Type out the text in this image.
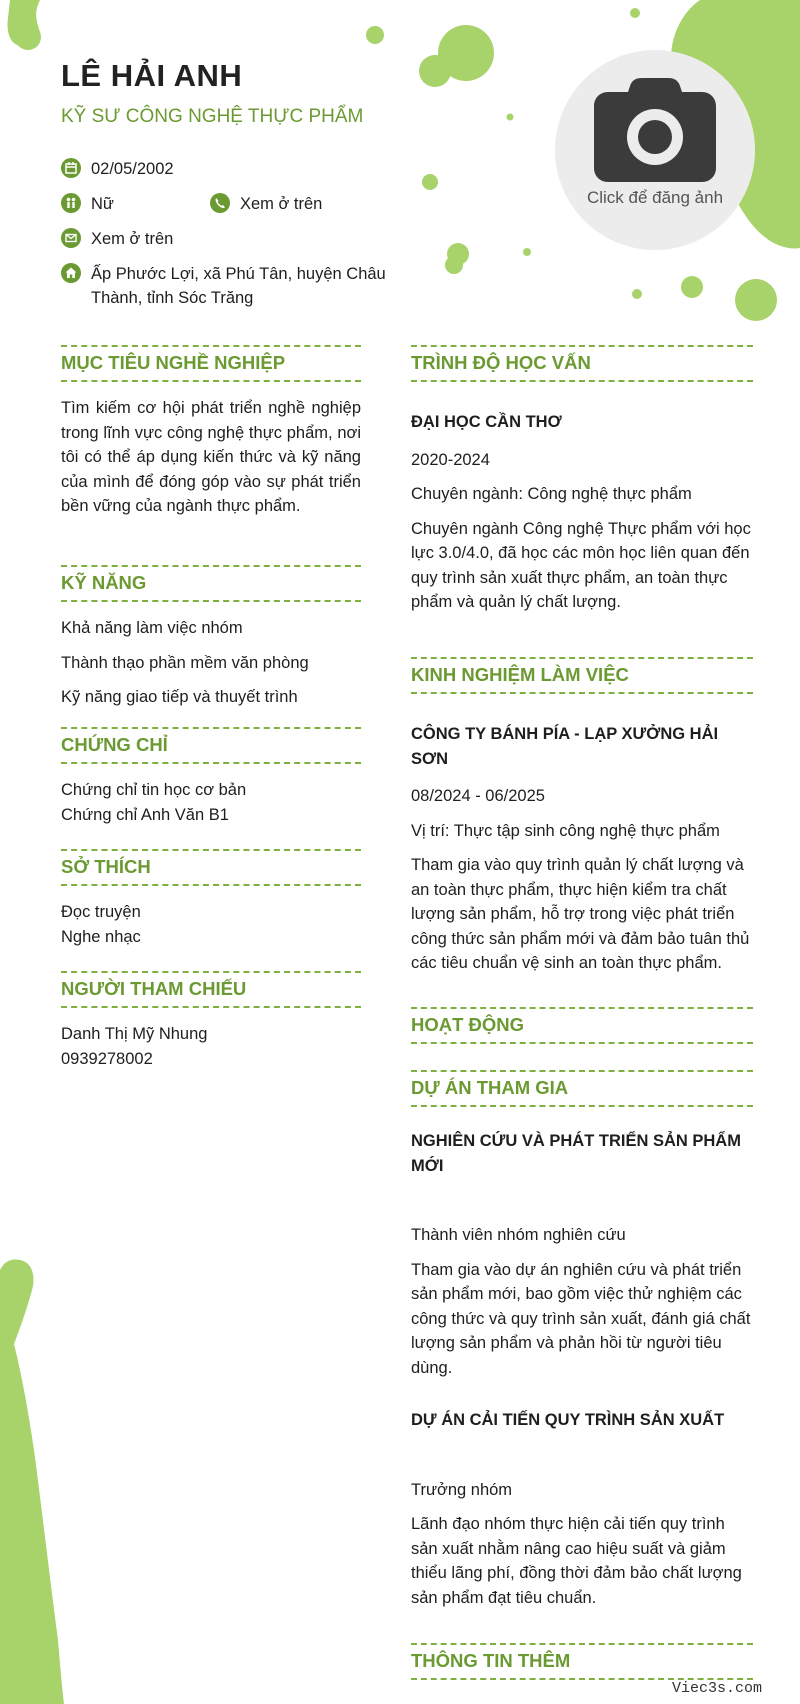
LÊ HẢI ANH
KỸ SƯ CÔNG NGHỆ THỰC PHẨM
02/05/2002
Nữ	Xem ở trên
Xem ở trên
Ấp Phước Lợi, xã Phú Tân, huyện Châu Thành, tỉnh Sóc Trăng
Click để đăng ảnh
MỤC TIÊU NGHỀ NGHIỆP

Tìm kiếm cơ hội phát triển nghề nghiệp trong lĩnh vực công nghệ thực phẩm, nơi tôi có thể áp dụng kiến thức và kỹ năng của mình để đóng góp vào sự phát triển bền vững của ngành thực phẩm.

KỸ NĂNG

Khả năng làm việc nhóm

Thành thạo phần mềm văn phòng

Kỹ năng giao tiếp và thuyết trình

CHỨNG CHỈ

Chứng chỉ tin học cơ bản

Chứng chỉ Anh Văn B1

SỞ THÍCH

Đọc truyện

Nghe nhạc

NGƯỜI THAM CHIẾU

Danh Thị Mỹ Nhung

0939278002

TRÌNH ĐỘ HỌC VẤN

ĐẠI HỌC CẦN THƠ

2020-2024

Chuyên ngành: Công nghệ thực phẩm

Chuyên ngành Công nghệ Thực phẩm với học lực 3.0/4.0, đã học các môn học liên quan đến quy trình sản xuất thực phẩm, an toàn thực phẩm và quản lý chất lượng.

KINH NGHIỆM LÀM VIỆC

CÔNG TY BÁNH PÍA - LẠP XƯỞNG HẢI SƠN

08/2024 - 06/2025

Vị trí: Thực tập sinh công nghệ thực phẩm

Tham gia vào quy trình quản lý chất lượng và an toàn thực phẩm, thực hiện kiểm tra chất lượng sản phẩm, hỗ trợ trong việc phát triển công thức sản phẩm mới và đảm bảo tuân thủ các tiêu chuẩn vệ sinh an toàn thực phẩm.

HOẠT ĐỘNG
DỰ ÁN THAM GIA

NGHIÊN CỨU VÀ PHÁT TRIỂN SẢN PHẨM MỚI

Thành viên nhóm nghiên cứu

Tham gia vào dự án nghiên cứu và phát triển sản phẩm mới, bao gồm việc thử nghiệm các công thức và quy trình sản xuất, đánh giá chất lượng sản phẩm và phản hồi từ người tiêu dùng.

DỰ ÁN CẢI TIẾN QUY TRÌNH SẢN XUẤT

Trưởng nhóm

Lãnh đạo nhóm thực hiện cải tiến quy trình sản xuất nhằm nâng cao hiệu suất và giảm thiểu lãng phí, đồng thời đảm bảo chất lượng sản phẩm đạt tiêu chuẩn.

THÔNG TIN THÊM
Viec3s.com
